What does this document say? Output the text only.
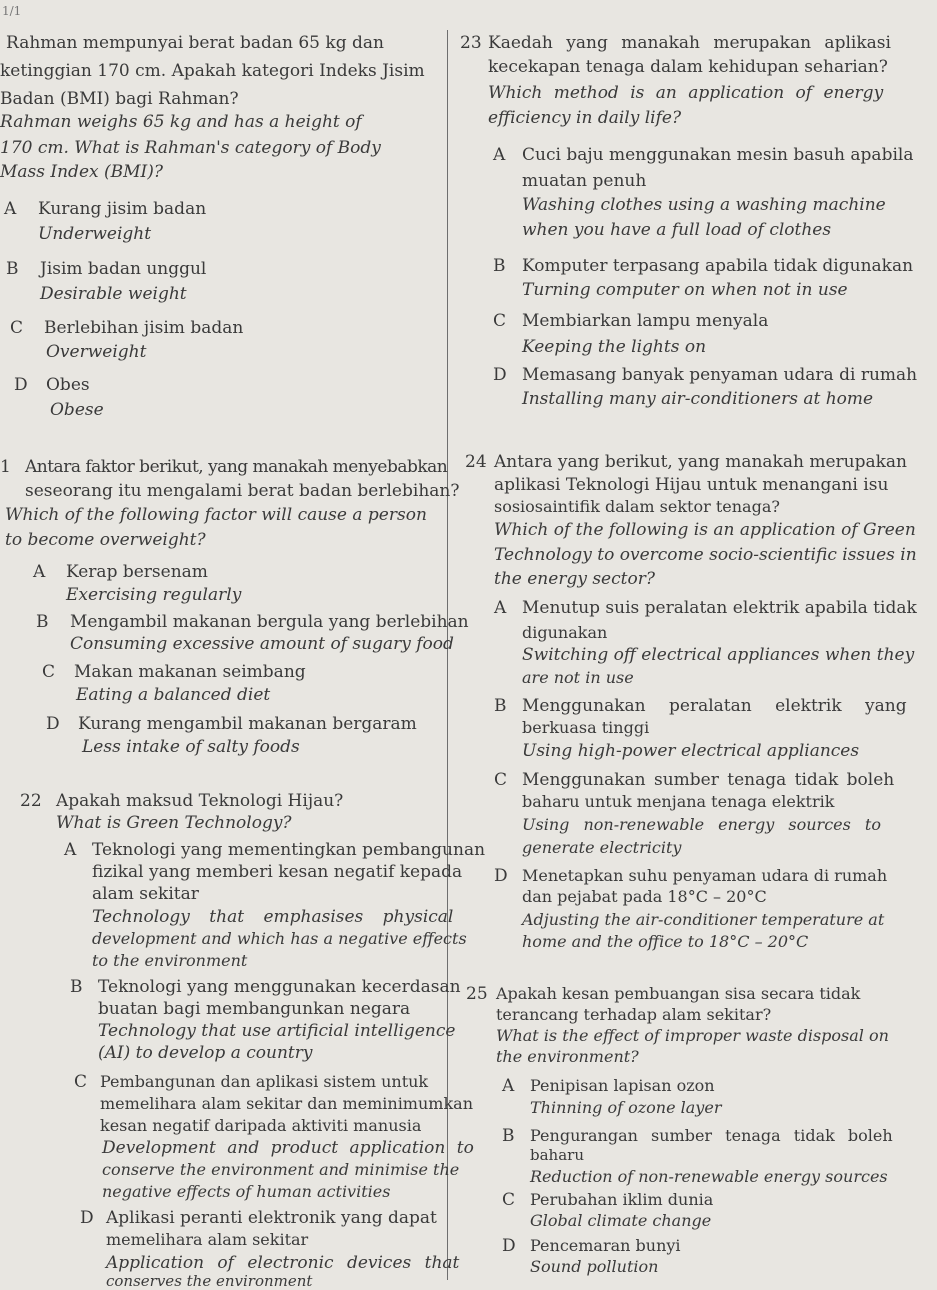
1/1
Rahman mempunyai berat badan 65 kg dan
ketinggian 170 cm. Apakah kategori Indeks Jisim
Badan (BMI) bagi Rahman?
Rahman weighs 65 kg and has a height of
170 cm. What is Rahman's category of Body
Mass Index (BMI)?
A Kurang jisim badan
Underweight
B Jisim badan unggul
Desirable weight
C Berlebihan jisim badan
Overweight
D Obes
Obese
1 Antara faktor berikut, yang manakah menyebabkan
seseorang itu mengalami berat badan berlebihan?
Which of the following factor will cause a person
to become overweight?
A Kerap bersenam
Exercising regularly
B Mengambil makanan bergula yang berlebihan
Consuming excessive amount of sugary food
C Makan makanan seimbang
Eating a balanced diet
D Kurang mengambil makanan bergaram
Less intake of salty foods
22 Apakah maksud Teknologi Hijau?
What is Green Technology?
A Teknologi yang mementingkan pembangunan
fizikal yang memberi kesan negatif kepada
alam sekitar
Technology that emphasises physical
development and which has a negative effects
to the environment
B Teknologi yang menggunakan kecerdasan
buatan bagi membangunkan negara
Technology that use artificial intelligence
(AI) to develop a country
C Pembangunan dan aplikasi sistem untuk
memelihara alam sekitar dan meminimumkan
kesan negatif daripada aktiviti manusia
Development and product application to
conserve the environment and minimise the
negative effects of human activities
D Aplikasi peranti elektronik yang dapat
memelihara alam sekitar
Application of electronic devices that
conserves the environment
23 Kaedah yang manakah merupakan aplikasi
kecekapan tenaga dalam kehidupan seharian?
Which method is an application of energy
efficiency in daily life?
A Cuci baju menggunakan mesin basuh apabila
muatan penuh
Washing clothes using a washing machine
when you have a full load of clothes
B Komputer terpasang apabila tidak digunakan
Turning computer on when not in use
C Membiarkan lampu menyala
Keeping the lights on
D Memasang banyak penyaman udara di rumah
Installing many air-conditioners at home
24 Antara yang berikut, yang manakah merupakan
aplikasi Teknologi Hijau untuk menangani isu
sosiosaintifik dalam sektor tenaga?
Which of the following is an application of Green
Technology to overcome socio-scientific issues in
the energy sector?
A Menutup suis peralatan elektrik apabila tidak
digunakan
Switching off electrical appliances when they
are not in use
B Menggunakan peralatan elektrik yang
berkuasa tinggi
Using high-power electrical appliances
C Menggunakan sumber tenaga tidak boleh
baharu untuk menjana tenaga elektrik
Using non-renewable energy sources to
generate electricity
D Menetapkan suhu penyaman udara di rumah
dan pejabat pada 18°C – 20°C
Adjusting the air-conditioner temperature at
home and the office to 18°C – 20°C
25 Apakah kesan pembuangan sisa secara tidak
terancang terhadap alam sekitar?
What is the effect of improper waste disposal on
the environment?
A Penipisan lapisan ozon
Thinning of ozone layer
B Pengurangan sumber tenaga tidak boleh
baharu
Reduction of non-renewable energy sources
C Perubahan iklim dunia
Global climate change
D Pencemaran bunyi
Sound pollution
